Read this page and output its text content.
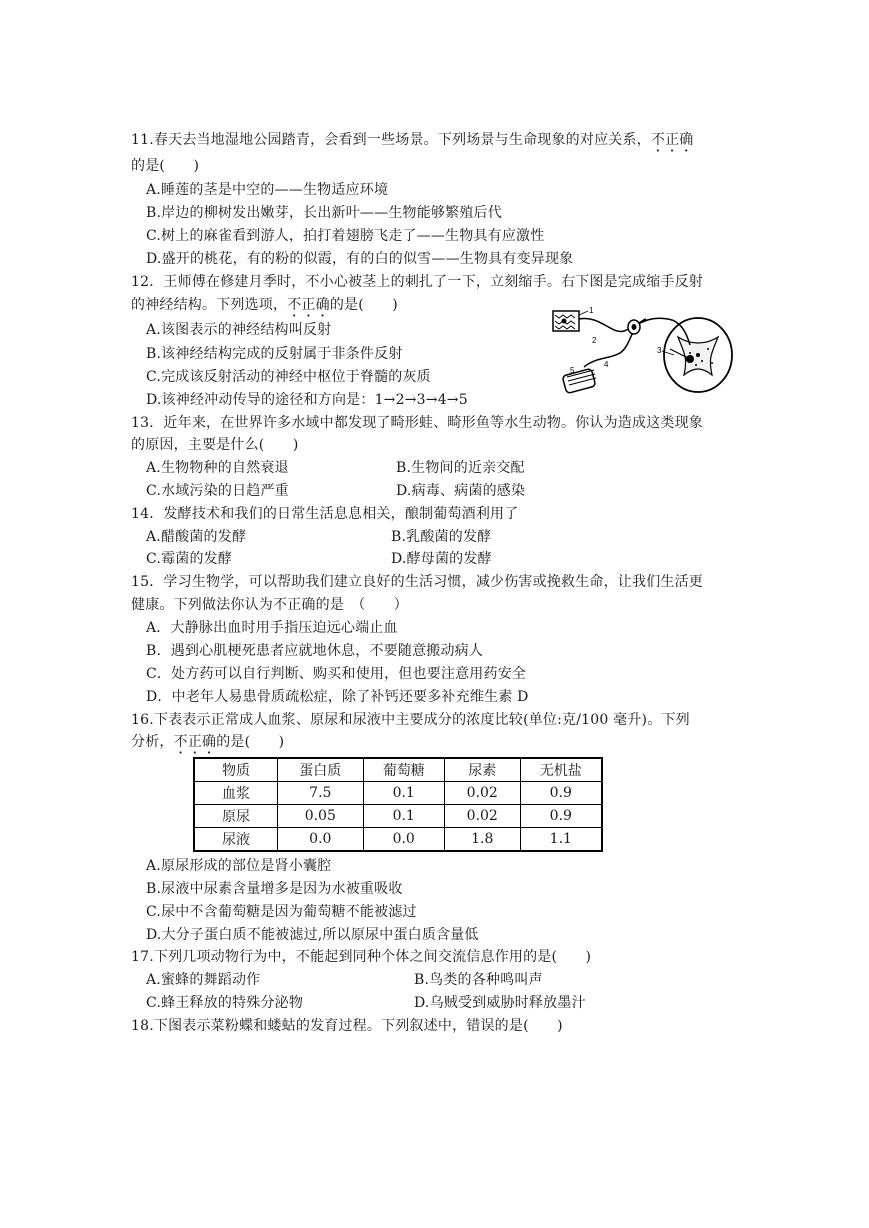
11.春天去当地湿地公园踏青，会看到一些场景。下列场景与生命现象的对应关系，不正确
的是(　　)
A.睡莲的茎是中空的——生物适应环境
B.岸边的柳树发出嫩芽，长出新叶——生物能够繁殖后代
C.树上的麻雀看到游人，拍打着翅膀飞走了——生物具有应激性
D.盛开的桃花，有的粉的似霞，有的白的似雪——生物具有变异现象
12．王师傅在修建月季时，不小心被茎上的刺扎了一下，立刻缩手。右下图是完成缩手反射
的神经结构。下列选项，不正确的是(　　)
A.该图表示的神经结构叫反射
B.该神经结构完成的反射属于非条件反射
C.完成该反射活动的神经中枢位于脊髓的灰质
D.该神经冲动传导的途径和方向是：1→2→3→4→5
1
2
3
4
5
13．近年来，在世界许多水域中都发现了畸形蛙、畸形鱼等水生动物。你认为造成这类现象
的原因，主要是什么(　　)
A.生物物种的自然衰退	B.生物间的近亲交配
C.水域污染的日趋严重	D.病毒、病菌的感染
14．发酵技术和我们的日常生活息息相关，酿制葡萄酒利用了
A.醋酸菌的发酵	B.乳酸菌的发酵
C.霉菌的发酵	D.酵母菌的发酵
15．学习生物学，可以帮助我们建立良好的生活习惯，减少伤害或挽救生命，让我们生活更
健康。下列做法你认为不正确的是　（　　）
A．大静脉出血时用手指压迫远心端止血
B．遇到心肌梗死患者应就地休息，不要随意搬动病人
C．处方药可以自行判断、购买和使用，但也要注意用药安全
D．中老年人易患骨质疏松症，除了补钙还要多补充维生素 D
16.下表表示正常成人血浆、原尿和尿液中主要成分的浓度比较(单位:克/100 毫升)。下列
分析，不正确的是(　　)
物质	蛋白质	葡萄糖	尿素	无机盐
血浆	7.5	0.1	0.02	0.9
原尿	0.05	0.1	0.02	0.9
尿液	0.0	0.0	1.8	1.1
A.原尿形成的部位是肾小囊腔
B.尿液中尿素含量增多是因为水被重吸收
C.尿中不含葡萄糖是因为葡萄糖不能被滤过
D.大分子蛋白质不能被滤过,所以原尿中蛋白质含量低
17.下列几项动物行为中，不能起到同种个体之间交流信息作用的是(　　)
A.蜜蜂的舞蹈动作	B.鸟类的各种鸣叫声
C.蜂王释放的特殊分泌物	D.乌贼受到威胁时释放墨汁
18.下图表示菜粉蝶和蝼蛄的发育过程。下列叙述中，错误的是(　　)
